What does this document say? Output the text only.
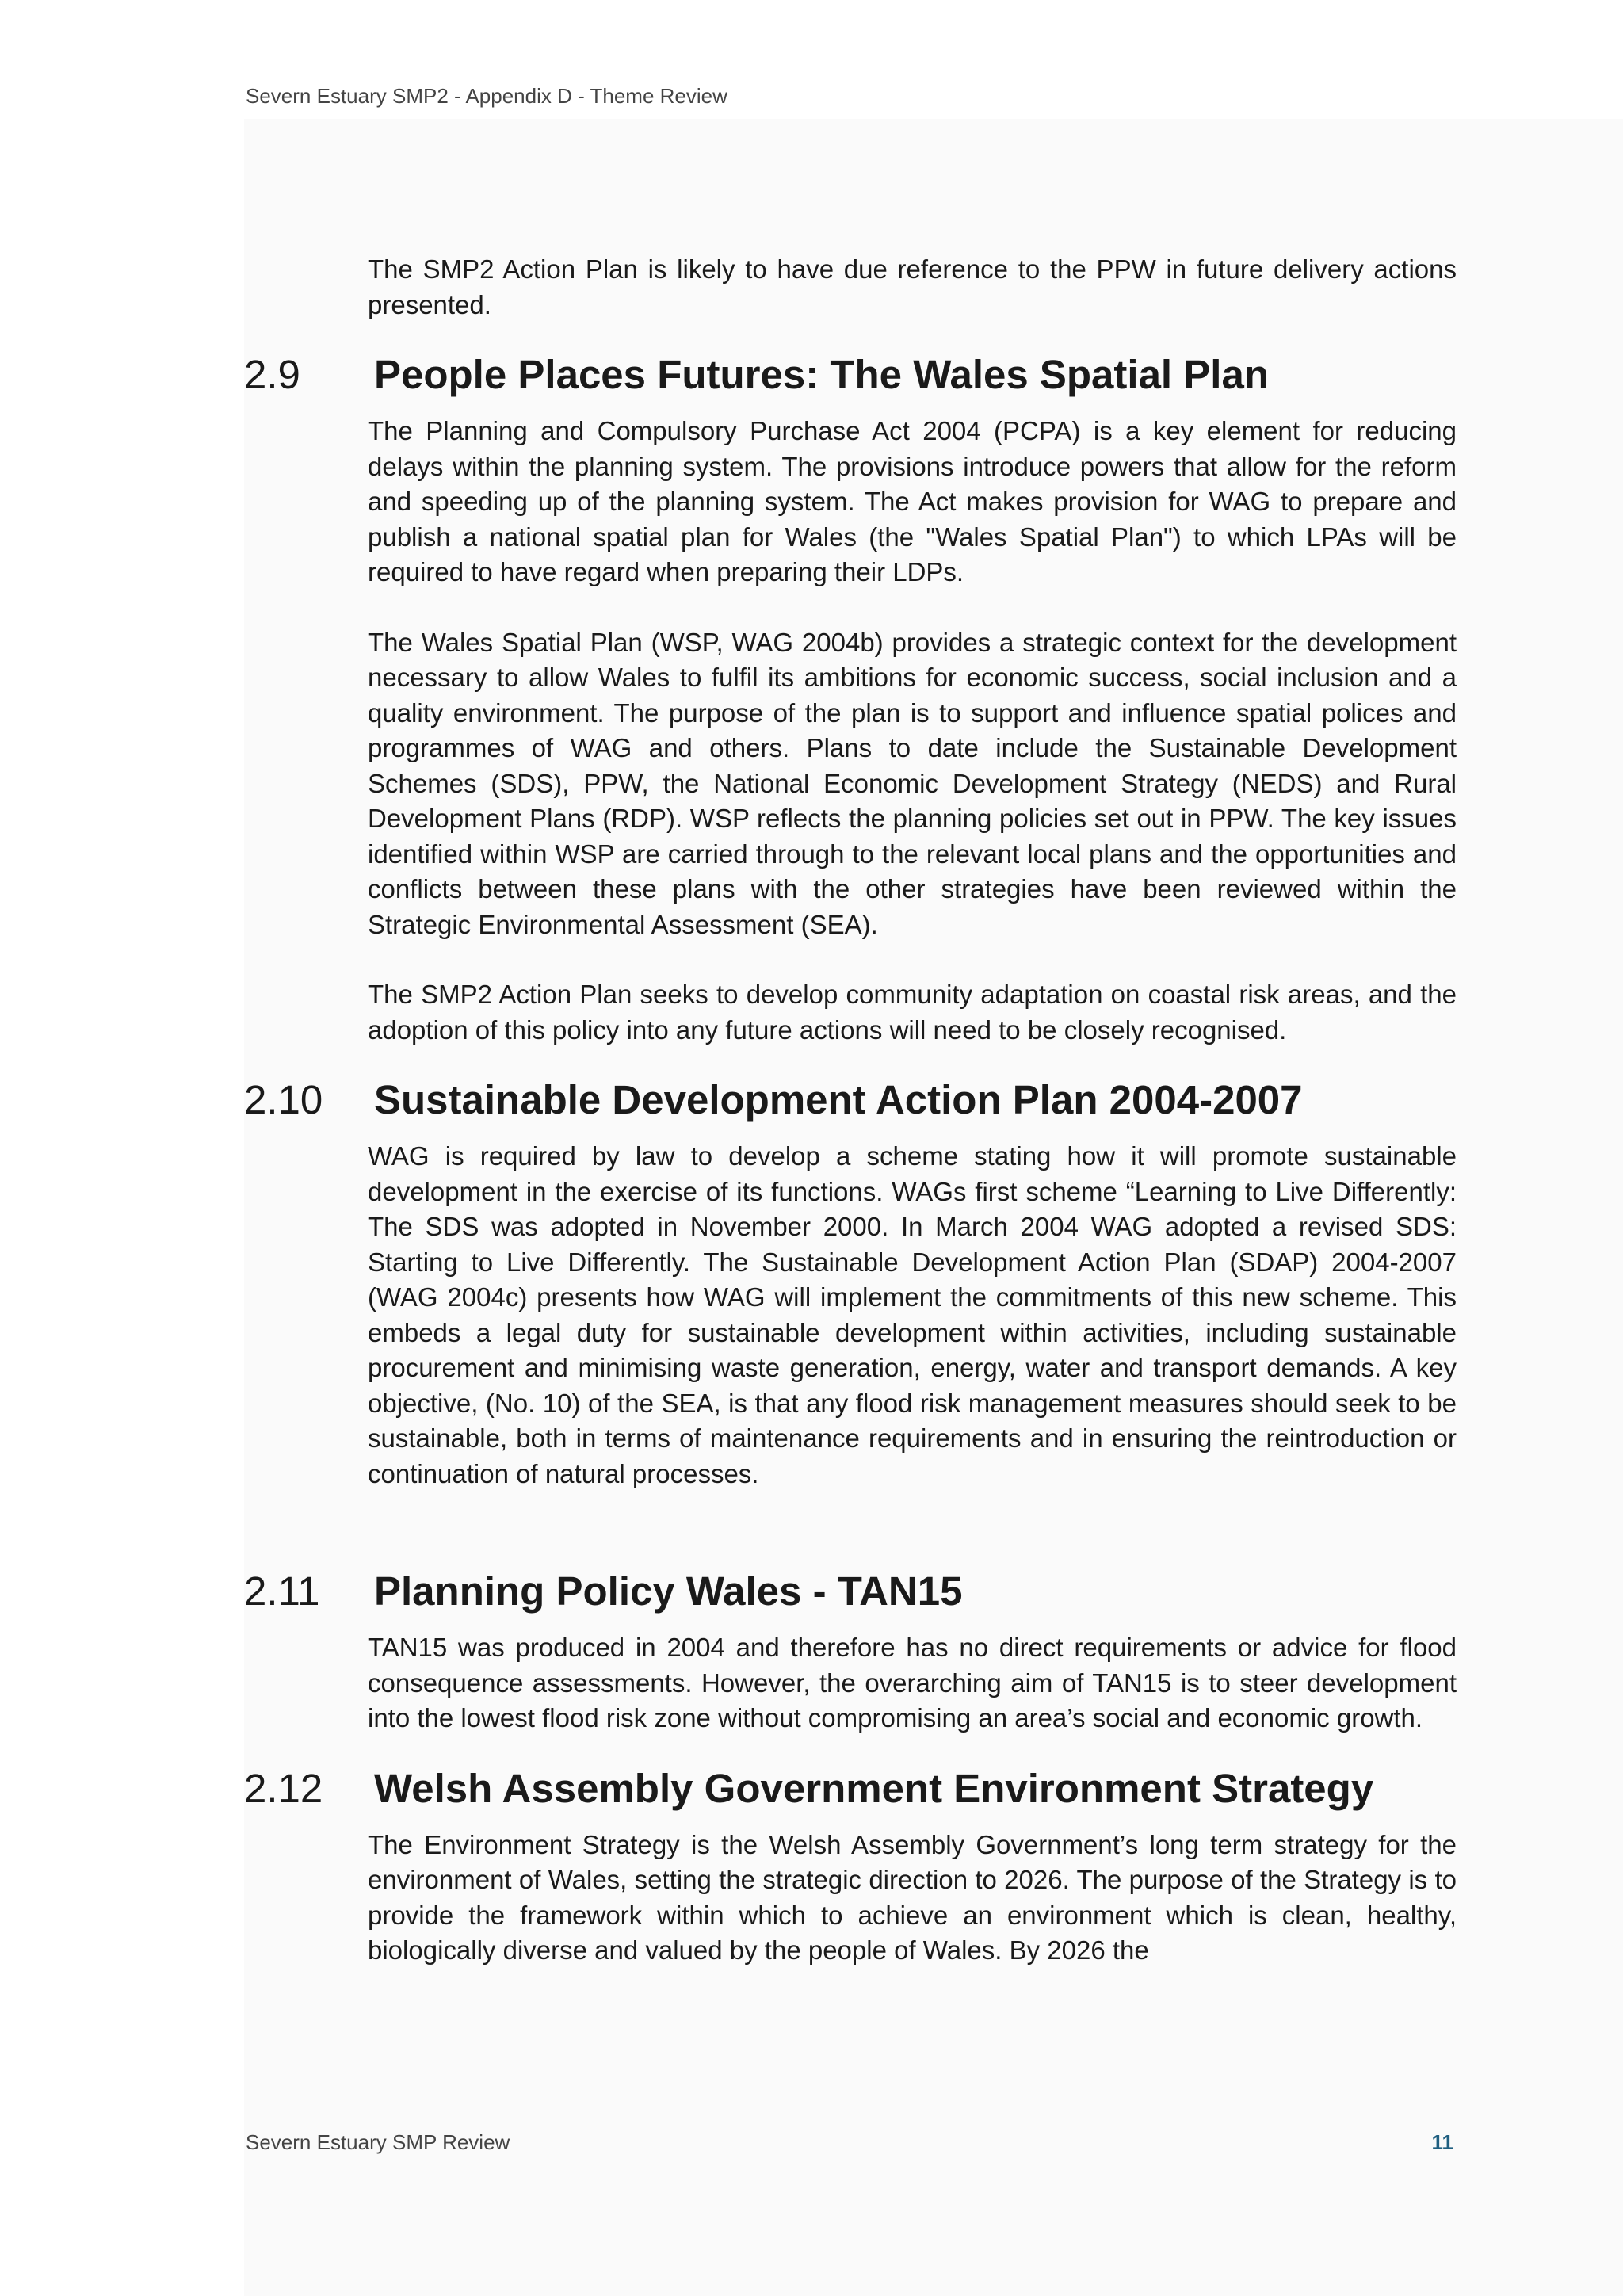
Severn Estuary SMP2 - Appendix D - Theme Review

The SMP2 Action Plan is likely to have due reference to the PPW in future delivery actions presented.

2.9	People Places Futures: The Wales Spatial Plan

The Planning and Compulsory Purchase Act 2004 (PCPA) is a key element for reducing delays within the planning system. The provisions introduce powers that allow for the reform and speeding up of the planning system. The Act makes provision for WAG to prepare and publish a national spatial plan for Wales (the "Wales Spatial Plan") to which LPAs will be required to have regard when preparing their LDPs.

The Wales Spatial Plan (WSP, WAG 2004b) provides a strategic context for the development necessary to allow Wales to fulfil its ambitions for economic success, social inclusion and a quality environment. The purpose of the plan is to support and influence spatial polices and programmes of WAG and others. Plans to date include the Sustainable Development Schemes (SDS), PPW, the National Economic Development Strategy (NEDS) and Rural Development Plans (RDP). WSP reflects the planning policies set out in PPW. The key issues identified within WSP are carried through to the relevant local plans and the opportunities and conflicts between these plans with the other strategies have been reviewed within the Strategic Environmental Assessment (SEA).

The SMP2 Action Plan seeks to develop community adaptation on coastal risk areas, and the adoption of this policy into any future actions will need to be closely recognised.

2.10	Sustainable Development Action Plan 2004-2007

WAG is required by law to develop a scheme stating how it will promote sustainable development in the exercise of its functions. WAGs first scheme “Learning to Live Differently: The SDS was adopted in November 2000. In March 2004 WAG adopted a revised SDS: Starting to Live Differently. The Sustainable Development Action Plan (SDAP) 2004-2007 (WAG 2004c) presents how WAG will implement the commitments of this new scheme. This embeds a legal duty for sustainable development within activities, including sustainable procurement and minimising waste generation, energy, water and transport demands. A key objective, (No. 10) of the SEA, is that any flood risk management measures should seek to be sustainable, both in terms of maintenance requirements and in ensuring the reintroduction or continuation of natural processes.

2.11	Planning Policy Wales - TAN15

TAN15 was produced in 2004 and therefore has no direct requirements or advice for flood consequence assessments. However, the overarching aim of TAN15 is to steer development into the lowest flood risk zone without compromising an area’s social and economic growth.

2.12	Welsh Assembly Government Environment Strategy

The Environment Strategy is the Welsh Assembly Government’s long term strategy for the environment of Wales, setting the strategic direction to 2026. The purpose of the Strategy is to provide the framework within which to achieve an environment which is clean, healthy, biologically diverse and valued by the people of Wales. By 2026 the

Severn Estuary SMP Review	11
